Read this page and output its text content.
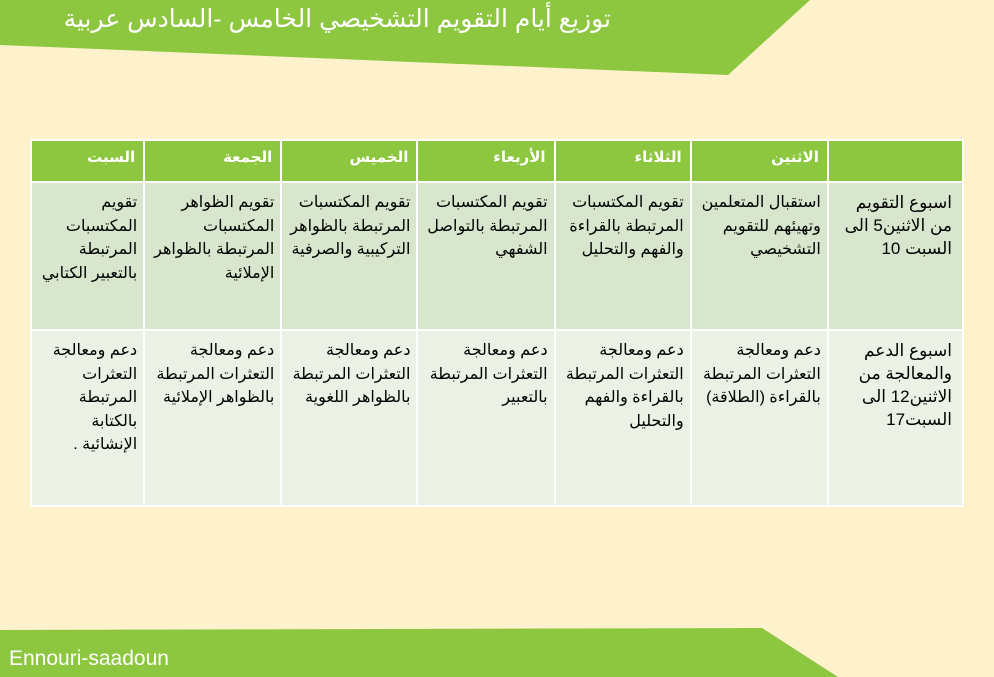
توزيع أيام التقويم التشخيصي الخامس -السادس عربية
	الاثنين	الثلاثاء	الأربعاء	الخميس	الجمعة	السبت
اسبوع التقويم من الاثنين5 الى السبت 10	استقبال المتعلمين وتهيئهم للتقويم التشخيصي	تقويم المكتسبات المرتبطة بالقراءة والفهم والتحليل	تقويم المكتسبات المرتبطة بالتواصل الشفهي	تقويم المكتسبات المرتبطة بالظواهر التركيبية والصرفية	تقويم الظواهر المكتسبات المرتبطة بالظواهر الإملائية	تقويم المكتسبات المرتبطة بالتعبير الكتابي
اسبوع الدعم والمعالجة من الاثنين12 الى السبت17	دعم ومعالجة التعثرات المرتبطة بالقراءة (الطلاقة)	دعم ومعالجة التعثرات المرتبطة بالقراءة والفهم والتحليل	دعم ومعالجة التعثرات المرتبطة بالتعبير	دعم ومعالجة التعثرات المرتبطة بالظواهر اللغوية	دعم ومعالجة التعثرات المرتبطة بالظواهر الإملائية	دعم ومعالجة التعثرات المرتبطة بالكتابة الإنشائية .
Ennouri-saadoun
